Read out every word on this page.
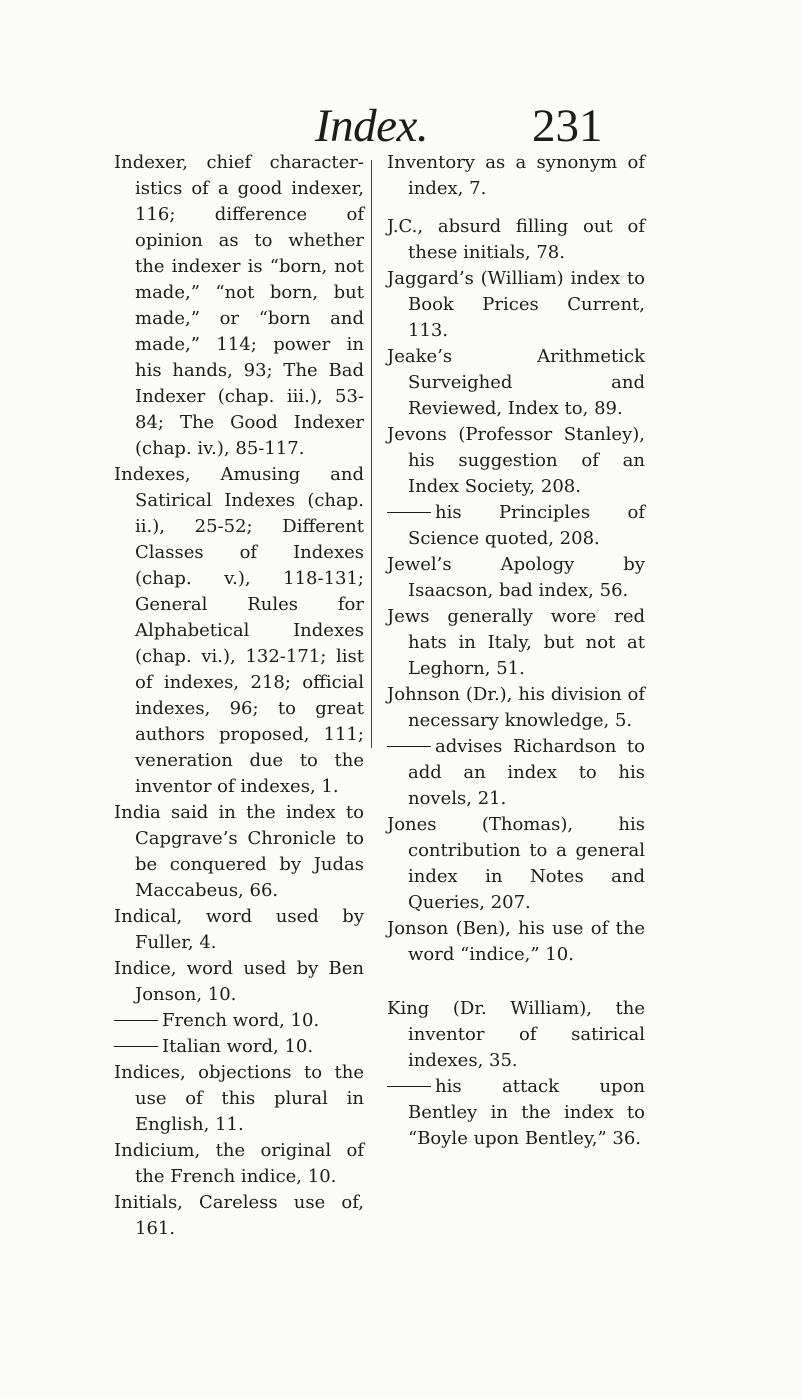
Index. 231

Indexer, chief character- istics of a good indexer, 116; difference of opinion as to whether the indexer is “born, not made,” “not born, but made,” or “born and made,” 114; power in his hands, 93; The Bad Indexer (chap. iii.), 53-84; The Good Indexer (chap. iv.), 85-117.

Indexes, Amusing and Satirical Indexes (chap. ii.), 25-52; Different Classes of Indexes (chap. v.), 118-131; General Rules for Alphabetical Indexes (chap. vi.), 132-171; list of indexes, 218; official indexes, 96; to great authors proposed, 111; veneration due to the inventor of indexes, 1.

India said in the index to Capgrave’s Chronicle to be conquered by Judas Maccabeus, 66.

Indical, word used by Fuller, 4.

Indice, word used by Ben Jonson, 10.

French word, 10.

Italian word, 10.

Indices, objections to the use of this plural in English, 11.

Indicium, the original of the French indice, 10.

Initials, Careless use of, 161.

Inventory as a synonym of index, 7.

J.C., absurd filling out of these initials, 78.

Jaggard’s (William) index to Book Prices Current, 113.

Jeake’s Arithmetick Surveighed and Reviewed, Index to, 89.

Jevons (Professor Stanley), his suggestion of an Index Society, 208.

his Principles of Science quoted, 208.

Jewel’s Apology by Isaacson, bad index, 56.

Jews generally wore red hats in Italy, but not at Leghorn, 51.

Johnson (Dr.), his division of necessary knowledge, 5.

advises Richardson to add an index to his novels, 21.

Jones (Thomas), his contribution to a general index in Notes and Queries, 207.

Jonson (Ben), his use of the word “indice,” 10.

King (Dr. William), the inventor of satirical indexes, 35.

his attack upon Bentley in the index to “Boyle upon Bentley,” 36.
